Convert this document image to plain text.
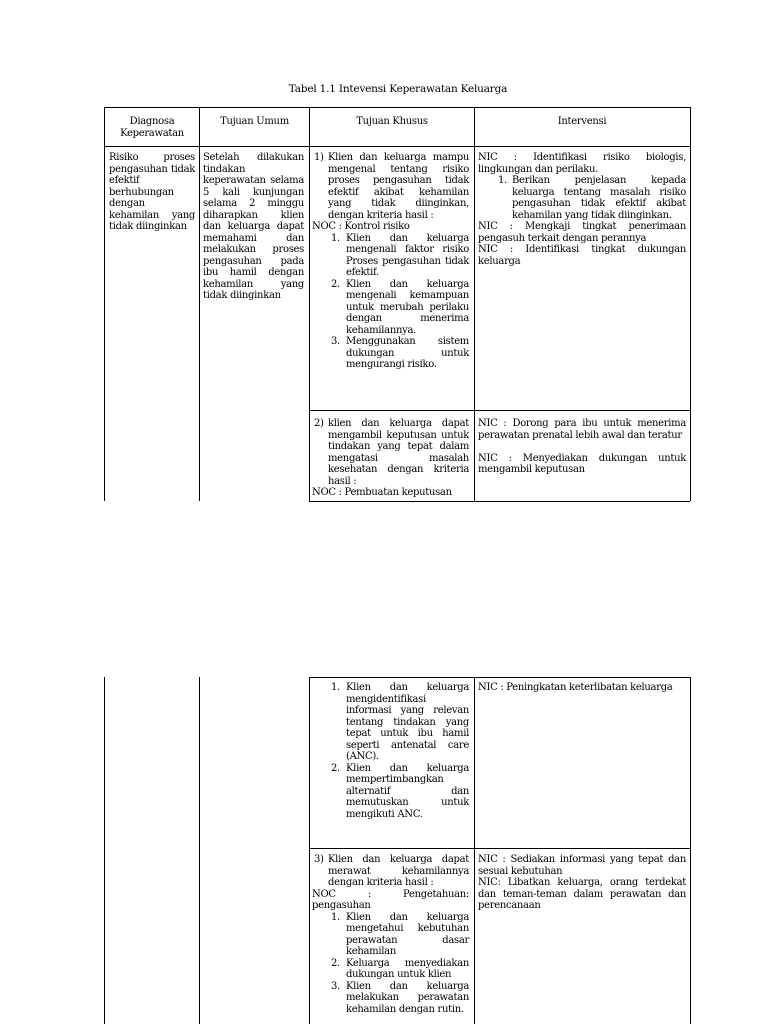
Tabel 1.1 Intevensi Keperawatan Keluarga
Diagnosa Keperawatan
Tujuan Umum	Tujuan Khusus	Intervensi
Risiko proses pengasuhan tidak efektif berhubungan dengan kehamilan yang tidak diinginkan
Setelah dilakukan tindakan keperawatan selama 5 kali kunjungan selama 2 minggu diharapkan klien dan keluarga dapat memahami dan melakukan proses pengasuhan pada ibu hamil dengan kehamilan yang tidak diinginkan
1) Klien dan keluarga mampu mengenal tentang risiko proses pengasuhan tidak efektif akibat kehamilan yang tidak diinginkan, dengan kriteria hasil :
NOC : Kontrol risiko
1. Klien dan keluarga mengenali faktor risiko Proses pengasuhan tidak efektif.
2. Klien dan keluarga mengenali kemampuan untuk merubah perilaku dengan menerima kehamilannya.
3. Menggunakan sistem dukungan untuk mengurangi risiko.
NIC : Identifikasi risiko biologis, lingkungan dan perilaku.
1. Berikan penjelasan kepada keluarga tentang masalah risiko pengasuhan tidak efektif akibat kehamilan yang tidak diinginkan.
NIC : Mengkaji tingkat penerimaan pengasuh terkait dengan perannya
NIC : Identifikasi tingkat dukungan keluarga
2) klien dan keluarga dapat mengambil keputusan untuk tindakan yang tepat dalam mengatasi masalah kesehatan dengan kriteria hasil :
NOC : Pembuatan keputusan
NIC : Dorong para ibu untuk menerima perawatan prenatal lebih awal dan teratur
NIC : Menyediakan dukungan untuk mengambil keputusan
1. Klien dan keluarga mengidentifikasi informasi yang relevan tentang tindakan yang tepat untuk ibu hamil seperti antenatal care (ANC).
2. Klien dan keluarga mempertimbangkan alternatif dan memutuskan untuk mengikuti ANC.
NIC : Peningkatan keterlibatan keluarga
3) Klien dan keluarga dapat merawat kehamilannya dengan kriteria hasil :
NOC : Pengetahuan: pengasuhan
1. Klien dan keluarga mengetahui kebutuhan perawatan dasar kehamilan
2. Keluarga menyediakan dukungan untuk klien
3. Klien dan keluarga melakukan perawatan kehamilan dengan rutin.
NIC : Sediakan informasi yang tepat dan sesuai kebutuhan
NIC: Libatkan keluarga, orang terdekat dan teman-teman dalam perawatan dan perencanaan
